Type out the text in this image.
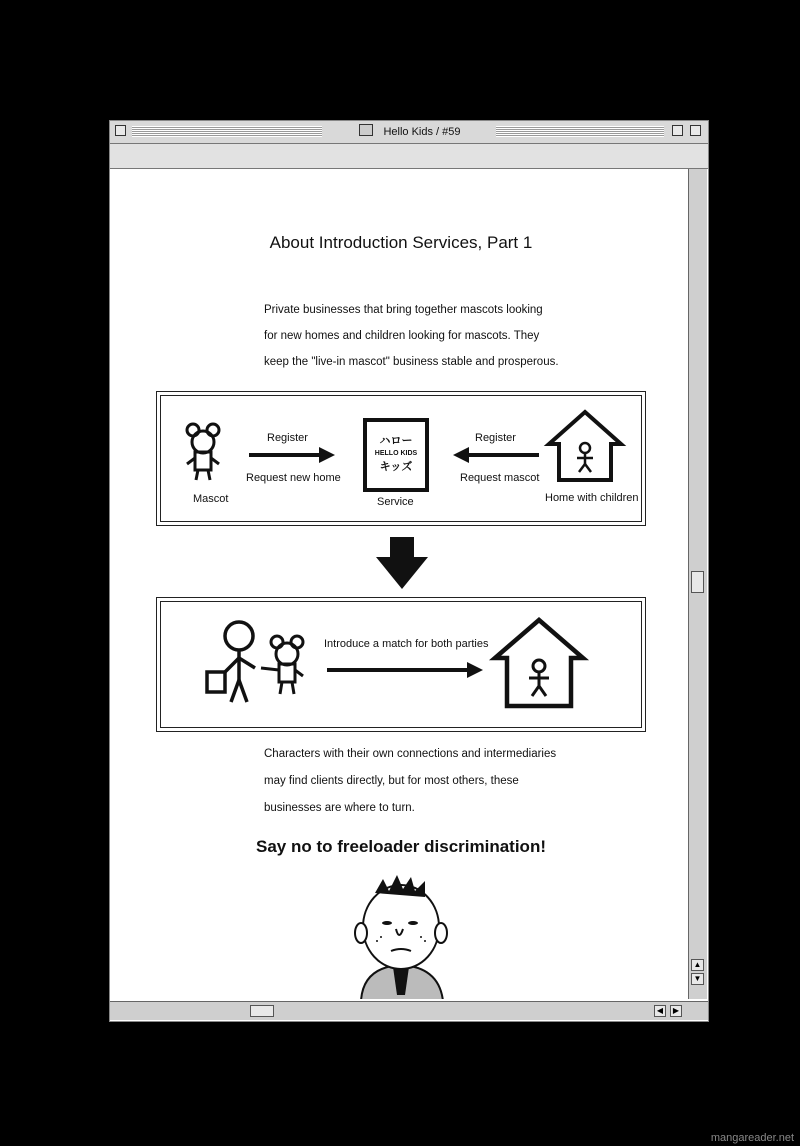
Hello Kids / #59
About Introduction Services, Part 1
Private businesses that bring together mascots looking
for new homes and children looking for mascots. They
keep the "live-in mascot" business stable and prosperous.
ハロー
HELLO KIDS
キッズ
Mascot
Register
Request new home
Service
Register
Request mascot
Home with children
Introduce a match for both parties
Characters with their own connections and intermediaries
may find clients directly, but for most others, these
businesses are where to turn.
Say no to freeloader discrimination!
▲
▼
◀	▶
mangareader.net
